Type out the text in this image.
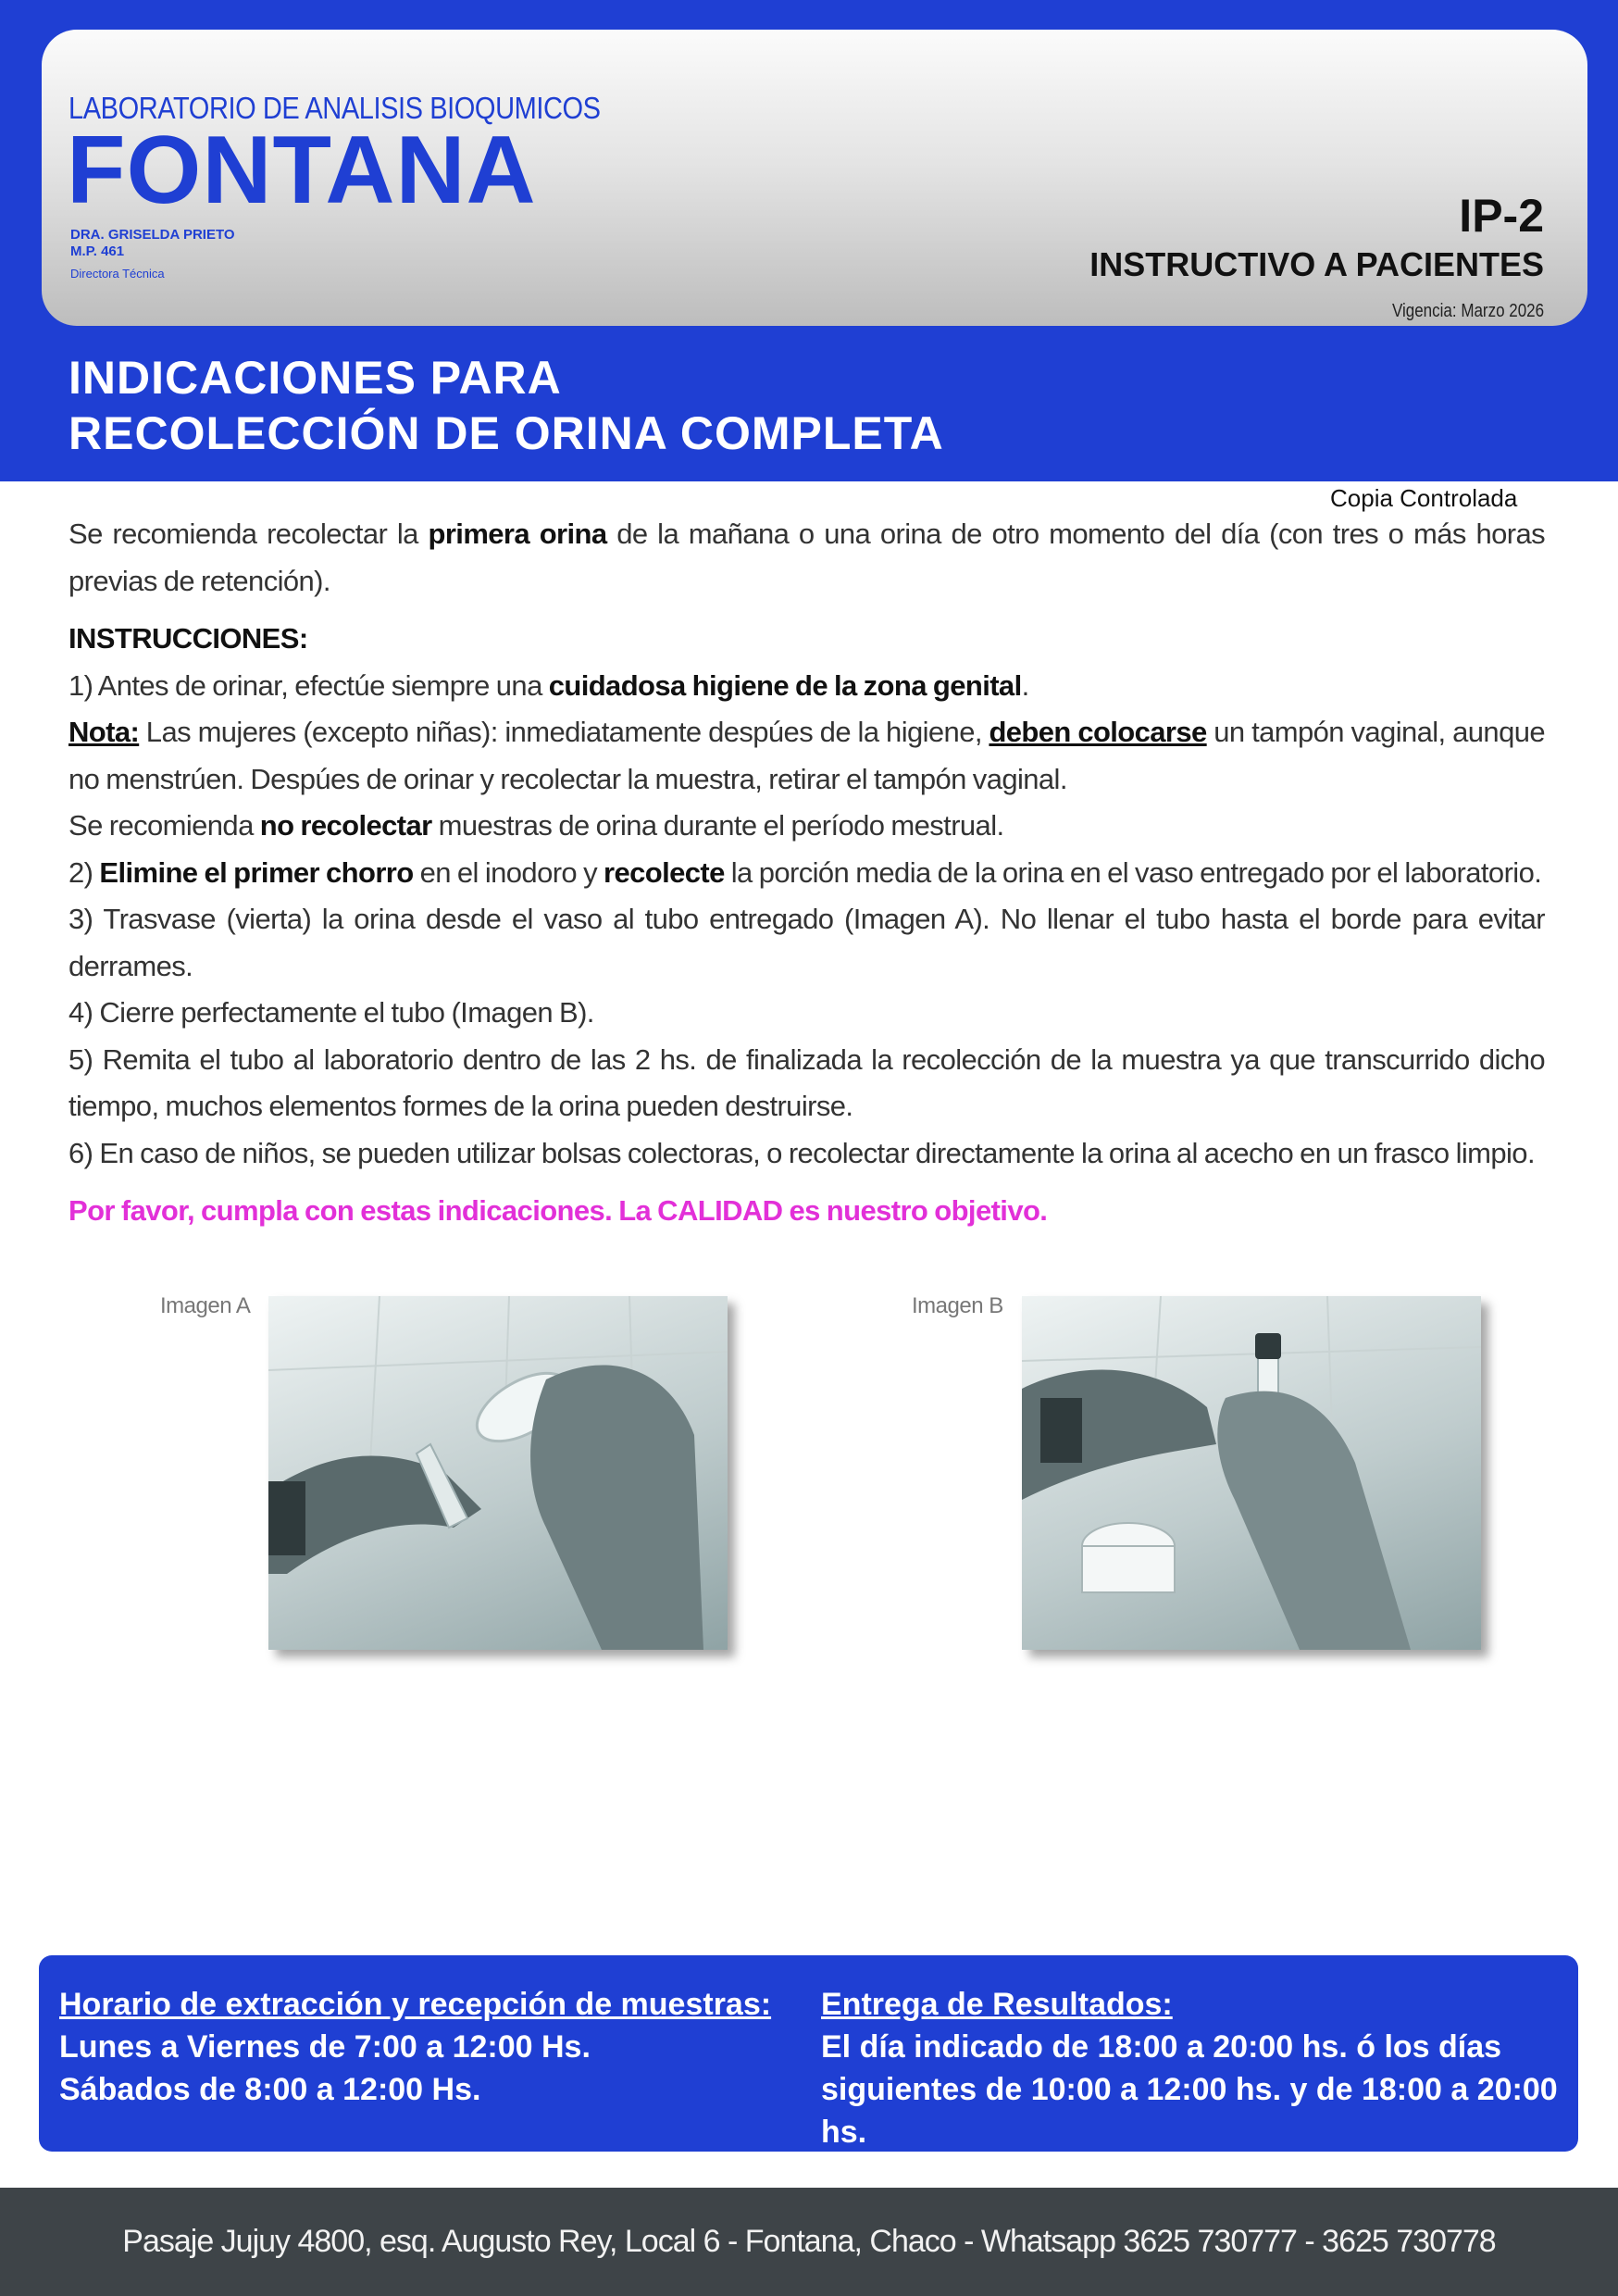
LABORATORIO DE ANALISIS BIOQUMICOS
FONTANA
DRA. GRISELDA PRIETO
M.P. 461
Directora Técnica
IP-2
INSTRUCTIVO A PACIENTES
Vigencia: Marzo 2026
INDICACIONES PARA
RECOLECCIÓN DE ORINA COMPLETA
Copia Controlada

Se recomienda recolectar la primera orina de la mañana o una orina de otro momento del día (con tres o más horas previas de retención).

INSTRUCCIONES:

1) Antes de orinar, efectúe siempre una cuidadosa higiene de la zona genital.

Nota: Las mujeres (excepto niñas): inmediatamente despúes de la higiene, deben colocarse un tampón vaginal, aunque no menstrúen. Despúes de orinar y recolectar la muestra, retirar el tampón vaginal.

Se recomienda no recolectar muestras de orina durante el período mestrual.

2) Elimine el primer chorro en el inodoro y recolecte la porción media de la orina en el vaso entregado por el laboratorio.

3) Trasvase (vierta) la orina desde el vaso al tubo entregado (Imagen A). No llenar el tubo hasta el borde para evitar derrames.

4) Cierre perfectamente el tubo (Imagen B).

5) Remita el tubo al laboratorio dentro de las 2 hs. de finalizada la recolección de la muestra ya que transcurrido dicho tiempo, muchos elementos formes de la orina pueden destruirse.

6) En caso de niños, se pueden utilizar bolsas colectoras, o recolectar directamente la orina al acecho en un frasco limpio.

Por favor, cumpla con estas indicaciones. La CALIDAD es nuestro objetivo.

Imagen A	Imagen B
Horario de extracción y recepción de muestras:
Lunes a Viernes de 7:00 a 12:00 Hs.
Sábados de 8:00 a 12:00 Hs.
Entrega de Resultados:
El día indicado de 18:00 a 20:00 hs. ó los días
siguientes de 10:00 a 12:00 hs. y de 18:00 a 20:00 hs.
Pasaje Jujuy 4800, esq. Augusto Rey, Local 6 - Fontana, Chaco - Whatsapp 3625 730777 - 3625 730778
